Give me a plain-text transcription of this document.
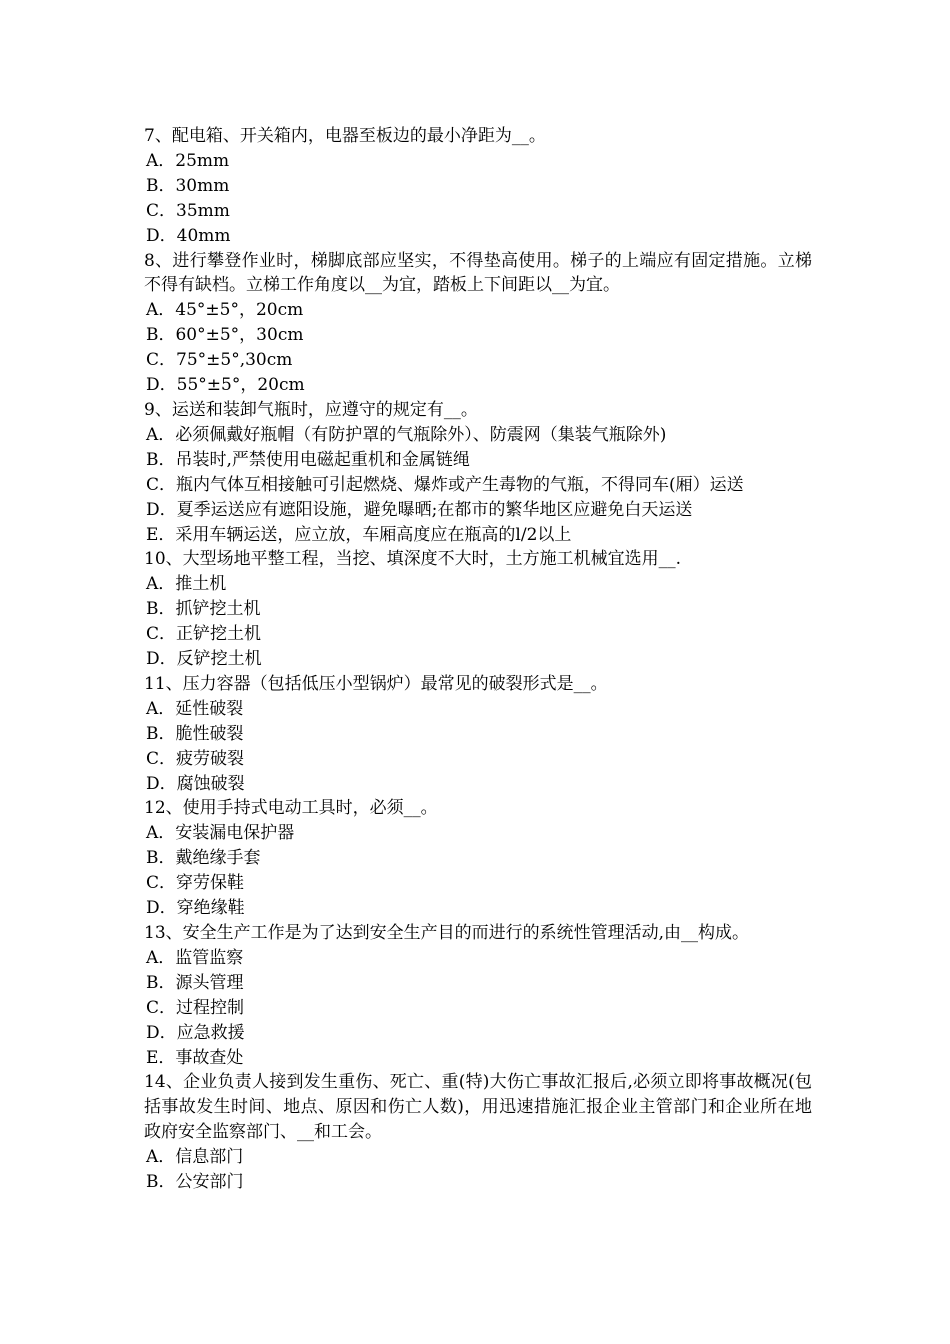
7、配电箱、开关箱内，电器至板边的最小净距为__。

A．25mm

B．30mm

C．35mm

D．40mm

8、进行攀登作业时，梯脚底部应坚实，不得垫高使用。梯子的上端应有固定措施。立梯不得有缺档。立梯工作角度以__为宜，踏板上下间距以__为宜。

A．45°±5°，20cm

B．60°±5°，30cm

C．75°±5°,30cm

D．55°±5°，20cm

9、运送和装卸气瓶时，应遵守的规定有__。

A．必须佩戴好瓶帽（有防护罩的气瓶除外）、防震网（集装气瓶除外)

B．吊装时,严禁使用电磁起重机和金属链绳

C．瓶内气体互相接触可引起燃烧、爆炸或产生毒物的气瓶，不得同车(厢）运送

D．夏季运送应有遮阳设施，避免曝晒;在都市的繁华地区应避免白天运送

E．采用车辆运送，应立放，车厢高度应在瓶高的l/2以上

10、大型场地平整工程，当挖、填深度不大时，土方施工机械宜选用__.

A．推土机

B．抓铲挖土机

C．正铲挖土机

D．反铲挖土机

11、压力容器（包括低压小型锅炉）最常见的破裂形式是__。

A．延性破裂

B．脆性破裂

C．疲劳破裂

D．腐蚀破裂

12、使用手持式电动工具时，必须__。

A．安装漏电保护器

B．戴绝缘手套

C．穿劳保鞋

D．穿绝缘鞋

13、安全生产工作是为了达到安全生产目的而进行的系统性管理活动,由__构成。

A．监管监察

B．源头管理

C．过程控制

D．应急救援

E．事故查处

14、企业负责人接到发生重伤、死亡、重(特)大伤亡事故汇报后,必须立即将事故概况(包括事故发生时间、地点、原因和伤亡人数)，用迅速措施汇报企业主管部门和企业所在地政府安全监察部门、__和工会。

A．信息部门

B．公安部门
